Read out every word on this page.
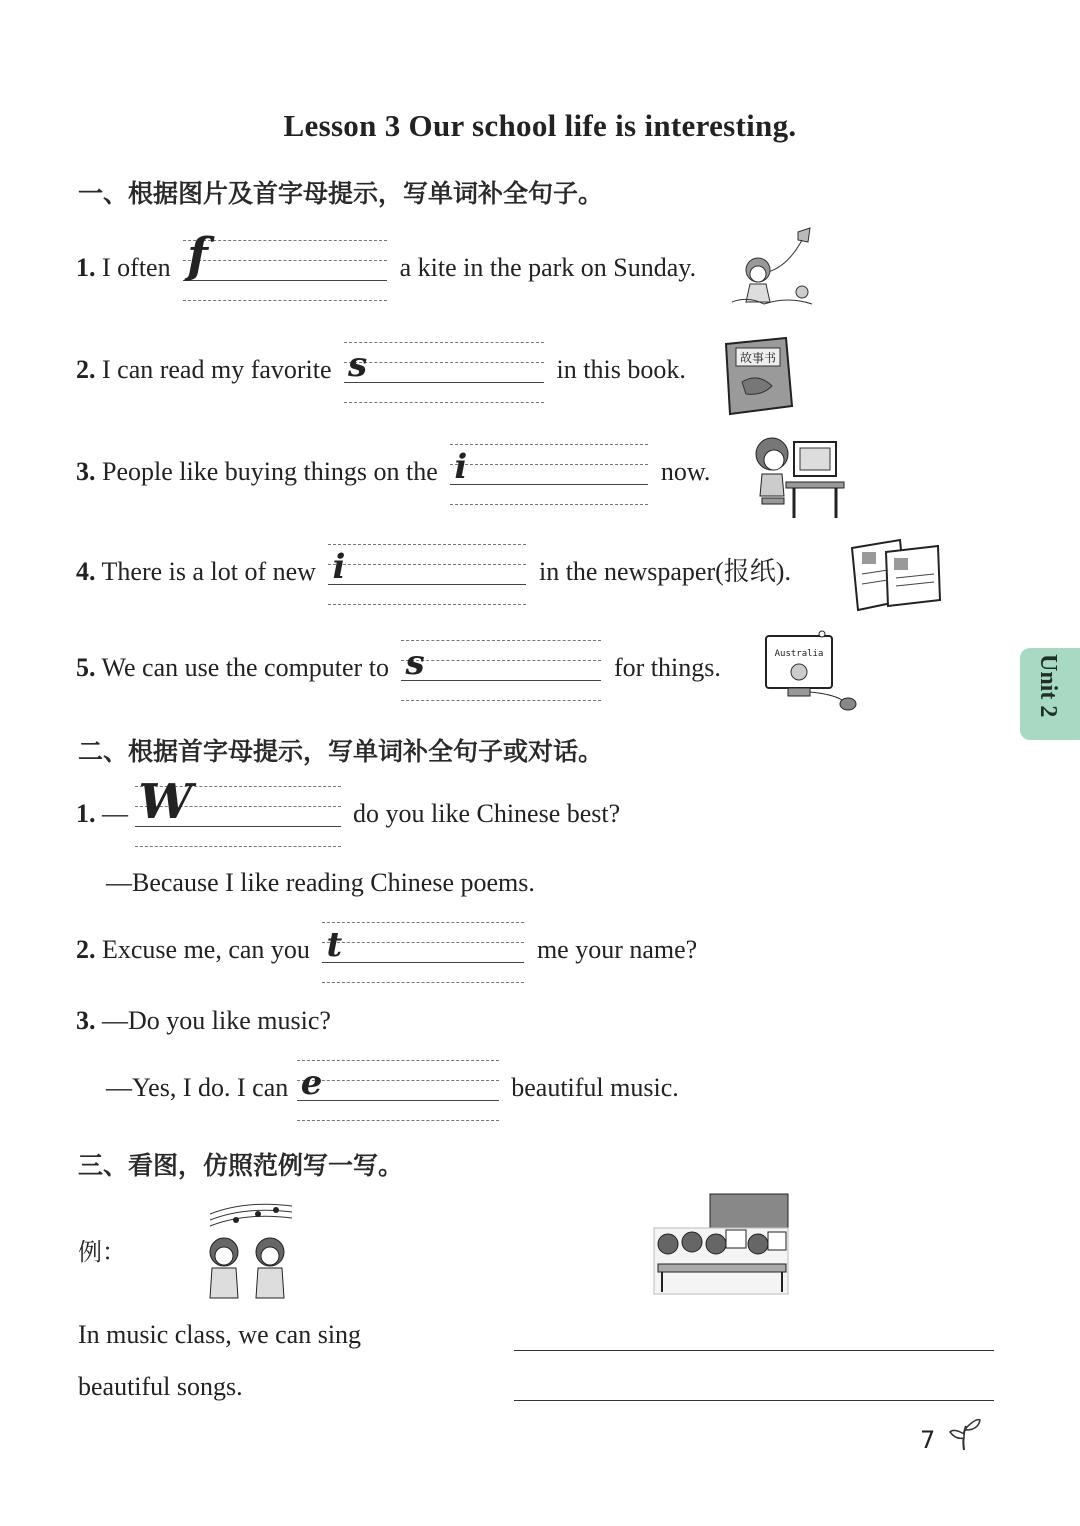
Lesson 3 Our school life is interesting.
一、根据图片及首字母提示，写单词补全句子。
1. I often f	a kite in the park on Sunday.
2. I can read my favorite s	in this book.
3. People like buying things on the i	now.
4. There is a lot of new i	in the newspaper(报纸).
5. We can use the computer to s	for things.
故事书
Australia	Unit 2
二、根据首字母提示，写单词补全句子或对话。
1. — W	do you like Chinese best?
—Because I like reading Chinese poems.
2. Excuse me, can you t	me your name?
3. —Do you like music?
—Yes, I do. I can e	beautiful music.
三、看图，仿照范例写一写。
例：
In music class, we can sing
beautiful songs.
7
